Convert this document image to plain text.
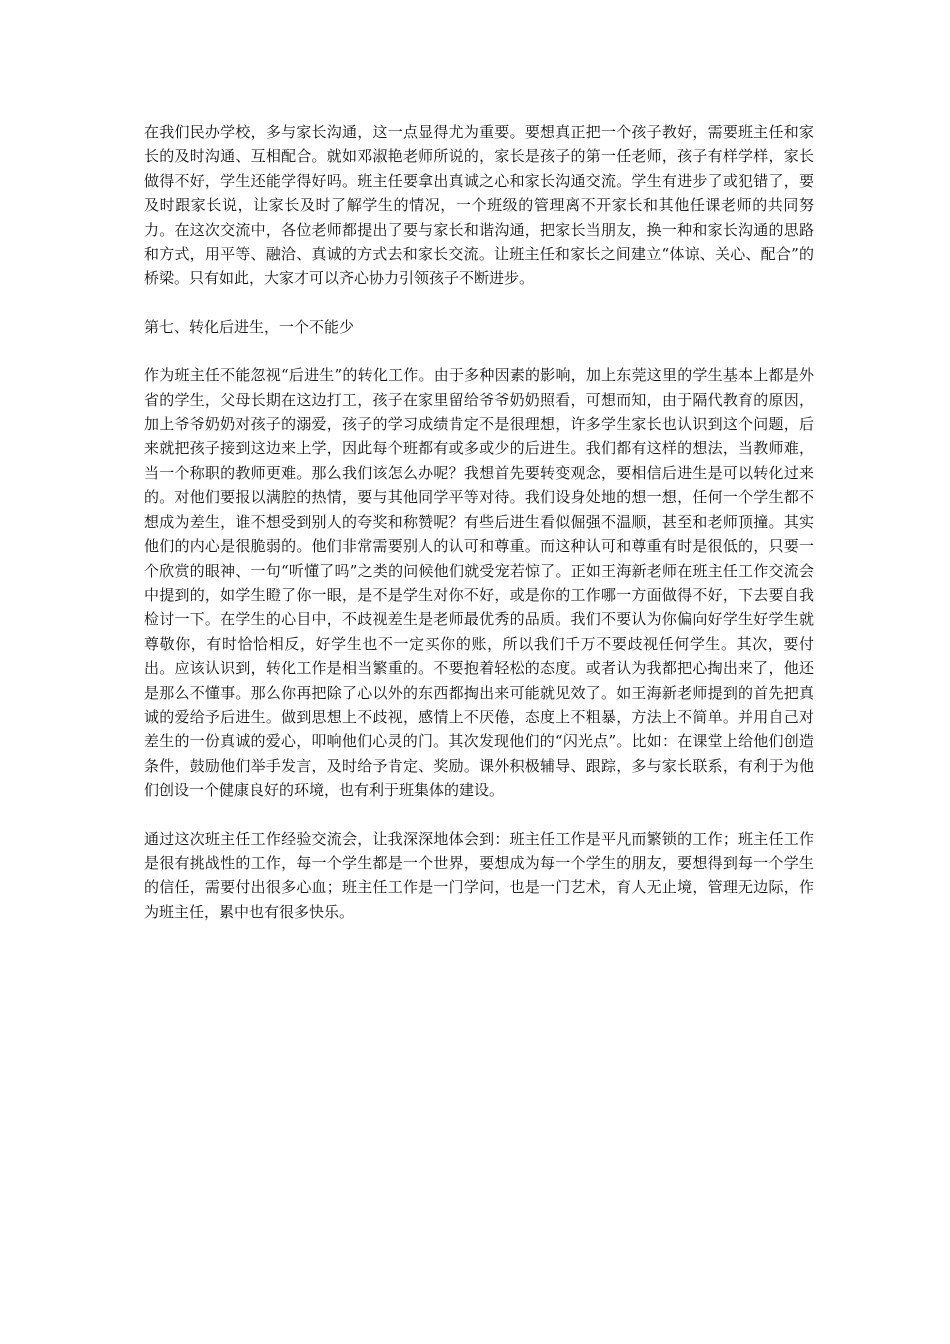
在我们民办学校，多与家长沟通，这一点显得尤为重要。要想真正把一个孩子教好，需要班主任和家长的及时沟通、互相配合。就如邓淑艳老师所说的，家长是孩子的第一任老师，孩子有样学样，家长做得不好，学生还能学得好吗。班主任要拿出真诚之心和家长沟通交流。学生有进步了或犯错了，要及时跟家长说，让家长及时了解学生的情况，一个班级的管理离不开家长和其他任课老师的共同努力。在这次交流中，各位老师都提出了要与家长和谐沟通，把家长当朋友，换一种和家长沟通的思路和方式，用平等、融洽、真诚的方式去和家长交流。让班主任和家长之间建立“体谅、关心、配合”的桥梁。只有如此，大家才可以齐心协力引领孩子不断进步。

第七、转化后进生，一个不能少

作为班主任不能忽视“后进生”的转化工作。由于多种因素的影响，加上东莞这里的学生基本上都是外省的学生，父母长期在这边打工，孩子在家里留给爷爷奶奶照看，可想而知，由于隔代教育的原因，加上爷爷奶奶对孩子的溺爱，孩子的学习成绩肯定不是很理想，许多学生家长也认识到这个问题，后来就把孩子接到这边来上学，因此每个班都有或多或少的后进生。我们都有这样的想法，当教师难，当一个称职的教师更难。那么我们该怎么办呢？我想首先要转变观念，要相信后进生是可以转化过来的。对他们要报以满腔的热情，要与其他同学平等对待。我们设身处地的想一想，任何一个学生都不想成为差生，谁不想受到别人的夸奖和称赞呢？有些后进生看似倔强不温顺，甚至和老师顶撞。其实他们的内心是很脆弱的。他们非常需要别人的认可和尊重。而这种认可和尊重有时是很低的，只要一个欣赏的眼神、一句“听懂了吗”之类的问候他们就受宠若惊了。正如王海新老师在班主任工作交流会中提到的，如学生瞪了你一眼，是不是学生对你不好，或是你的工作哪一方面做得不好，下去要自我检讨一下。在学生的心目中，不歧视差生是老师最优秀的品质。我们不要认为你偏向好学生好学生就尊敬你，有时恰恰相反，好学生也不一定买你的账，所以我们千万不要歧视任何学生。其次，要付出。应该认识到，转化工作是相当繁重的。不要抱着轻松的态度。或者认为我都把心掏出来了，他还是那么不懂事。那么你再把除了心以外的东西都掏出来可能就见效了。如王海新老师提到的首先把真诚的爱给予后进生。做到思想上不歧视，感情上不厌倦，态度上不粗暴，方法上不简单。并用自己对差生的一份真诚的爱心，叩响他们心灵的门。其次发现他们的“闪光点”。比如：在课堂上给他们创造条件，鼓励他们举手发言，及时给予肯定、奖励。课外积极辅导、跟踪，多与家长联系，有利于为他们创设一个健康良好的环境，也有利于班集体的建设。

通过这次班主任工作经验交流会，让我深深地体会到：班主任工作是平凡而繁锁的工作；班主任工作是很有挑战性的工作，每一个学生都是一个世界，要想成为每一个学生的朋友，要想得到每一个学生的信任，需要付出很多心血；班主任工作是一门学问，也是一门艺术，育人无止境，管理无边际，作为班主任，累中也有很多快乐。
